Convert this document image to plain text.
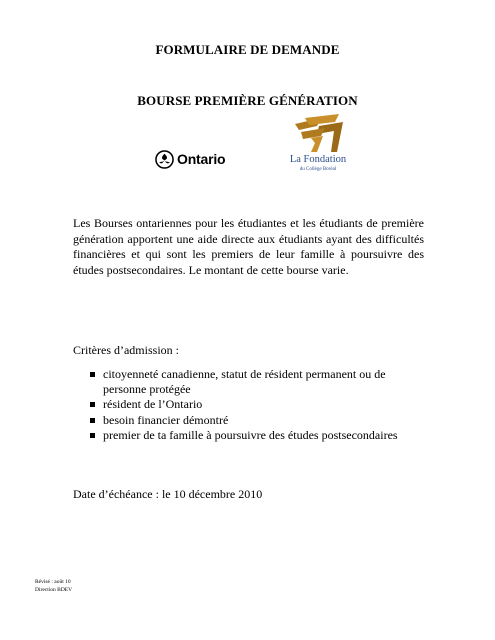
FORMULAIRE DE DEMANDE
BOURSE PREMIÈRE GÉNÉRATION
Ontario	La Fondation
du Collège Boréal
Les Bourses ontariennes pour les étudiantes et les étudiants de première génération apportent une aide directe aux étudiants ayant des difficultés financières et qui sont les premiers de leur famille à poursuivre des études postsecondaires. Le montant de cette bourse varie.
Critères d’admission :
citoyenneté canadienne, statut de résident permanent ou de personne protégée
résident de l’Ontario
besoin financier démontré
premier de ta famille à poursuivre des études postsecondaires
Date d’échéance : le 10 décembre 2010
Révisé : août 10
Direction BDEV
